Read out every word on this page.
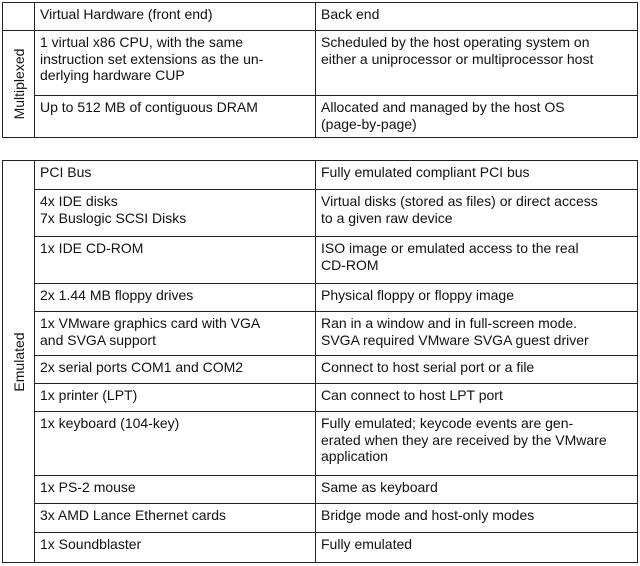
	Virtual Hardware (front end)	Back end

Multiplexed	1 virtual x86 CPU, with the same
instruction set extensions as the un-
derlying hardware CUP	Scheduled by the host operating system on
either a uniprocessor or multiprocessor host
	Up to 512 MB of contiguous DRAM	Allocated and managed by the host OS
(page-by-page)
Emulated	PCI Bus	Fully emulated compliant PCI bus
	4x IDE disks
7x Buslogic SCSI Disks	Virtual disks (stored as files) or direct access
to a given raw device
	1x IDE CD-ROM	ISO image or emulated access to the real
CD-ROM
	2x 1.44 MB floppy drives	Physical floppy or floppy image
	1x VMware graphics card with VGA
and SVGA support	Ran in a window and in full-screen mode.
SVGA required VMware SVGA guest driver
	2x serial ports COM1 and COM2	Connect to host serial port or a file
	1x printer (LPT)	Can connect to host LPT port
	1x keyboard (104-key)	Fully emulated; keycode events are gen-
erated when they are received by the VMware
application
	1x PS-2 mouse	Same as keyboard
	3x AMD Lance Ethernet cards	Bridge mode and host-only modes
	1x Soundblaster	Fully emulated
